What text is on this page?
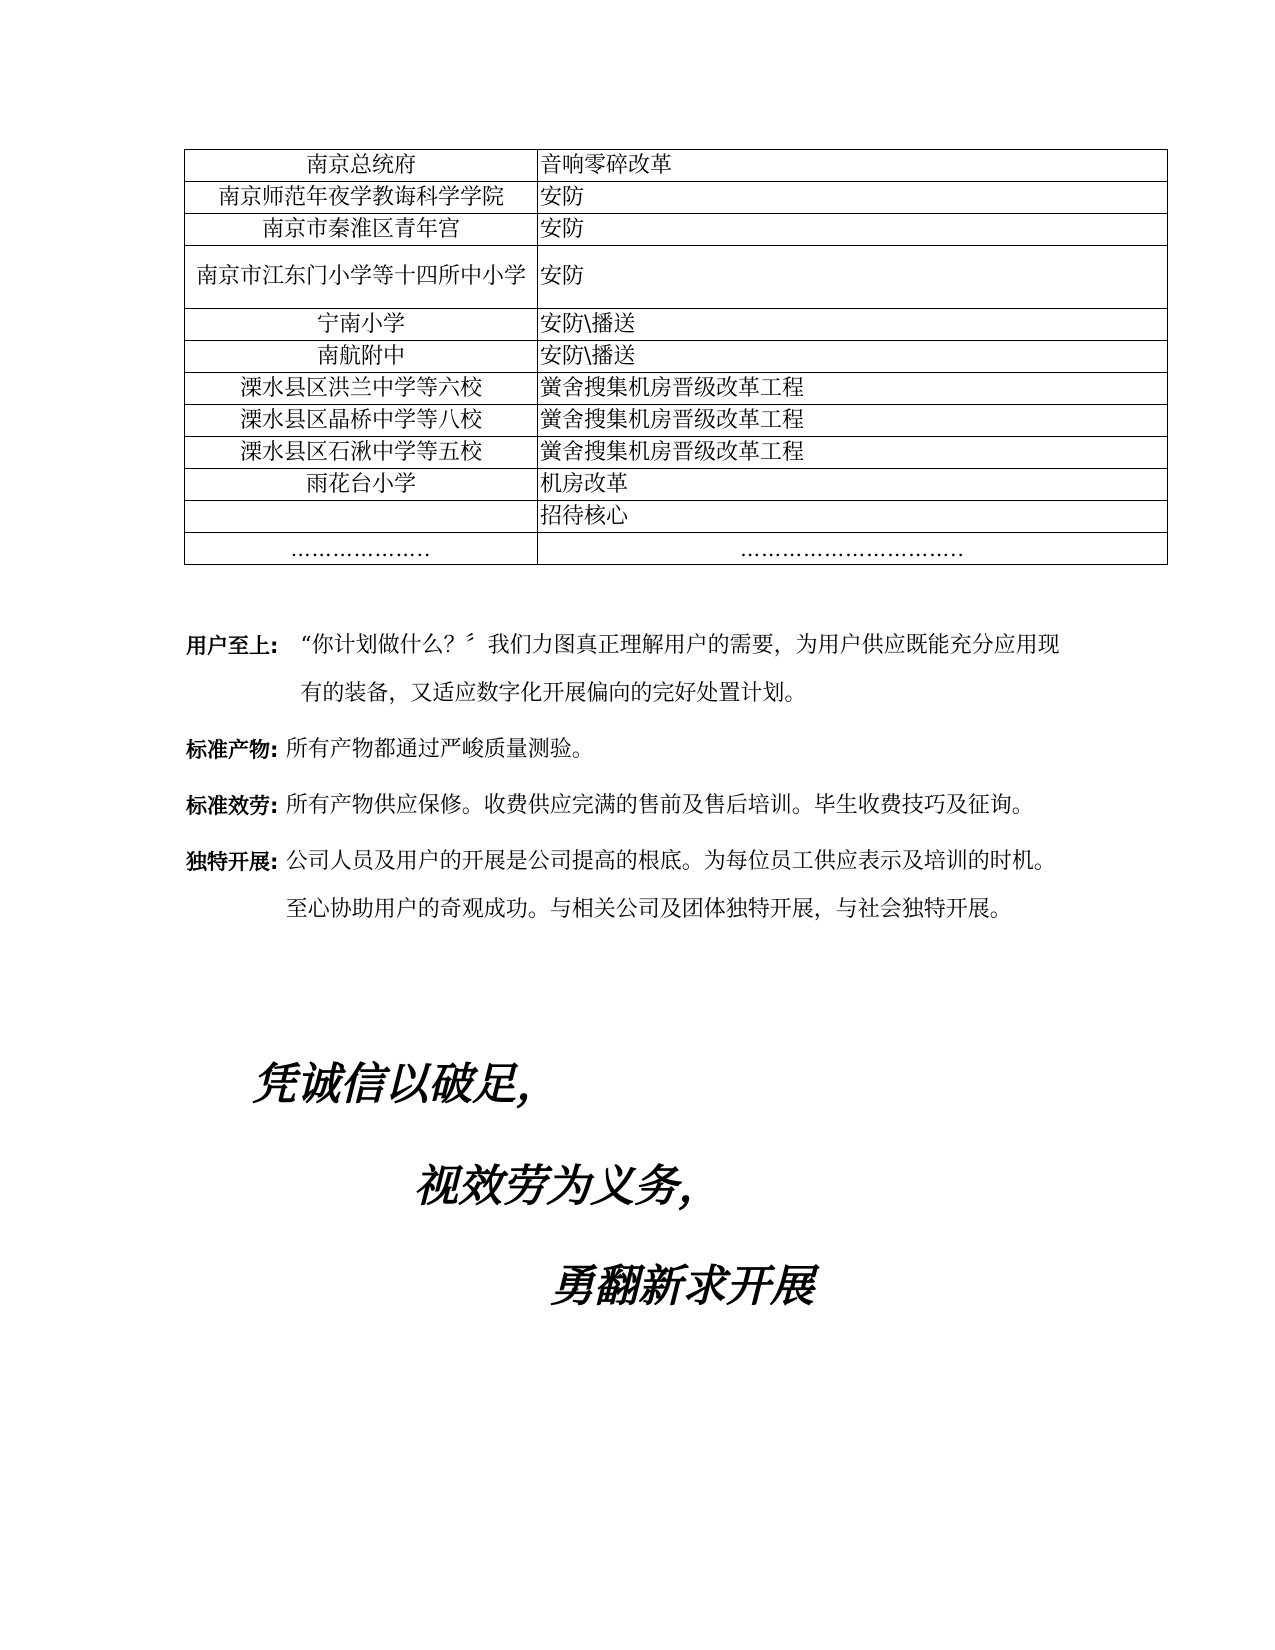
南京总统府	音响零碎改革
南京师范年夜学教诲科学学院	安防
南京市秦淮区青年宫	安防
南京市江东门小学等十四所中小学	安防
宁南小学	安防\播送
南航附中	安防\播送
溧水县区洪兰中学等六校	黉舍搜集机房晋级改革工程
溧水县区晶桥中学等八校	黉舍搜集机房晋级改革工程
溧水县区石湫中学等五校	黉舍搜集机房晋级改革工程
雨花台小学	机房改革
	招待核心
………………..	…………………………..
用户至上: “你计划做什么？〞我们力图真正理解用户的需要，为用户供应既能充分应用现有的装备，又适应数字化开展偏向的完好处置计划。
标准产物: 所有产物都通过严峻质量测验。
标准效劳: 所有产物供应保修。收费供应完满的售前及售后培训。毕生收费技巧及征询。
独特开展: 公司人员及用户的开展是公司提高的根底。为每位员工供应表示及培训的时机。至心协助用户的奇观成功。与相关公司及团体独特开展，与社会独特开展。
凭诚信以破足，
视效劳为义务，
勇翻新求开展
